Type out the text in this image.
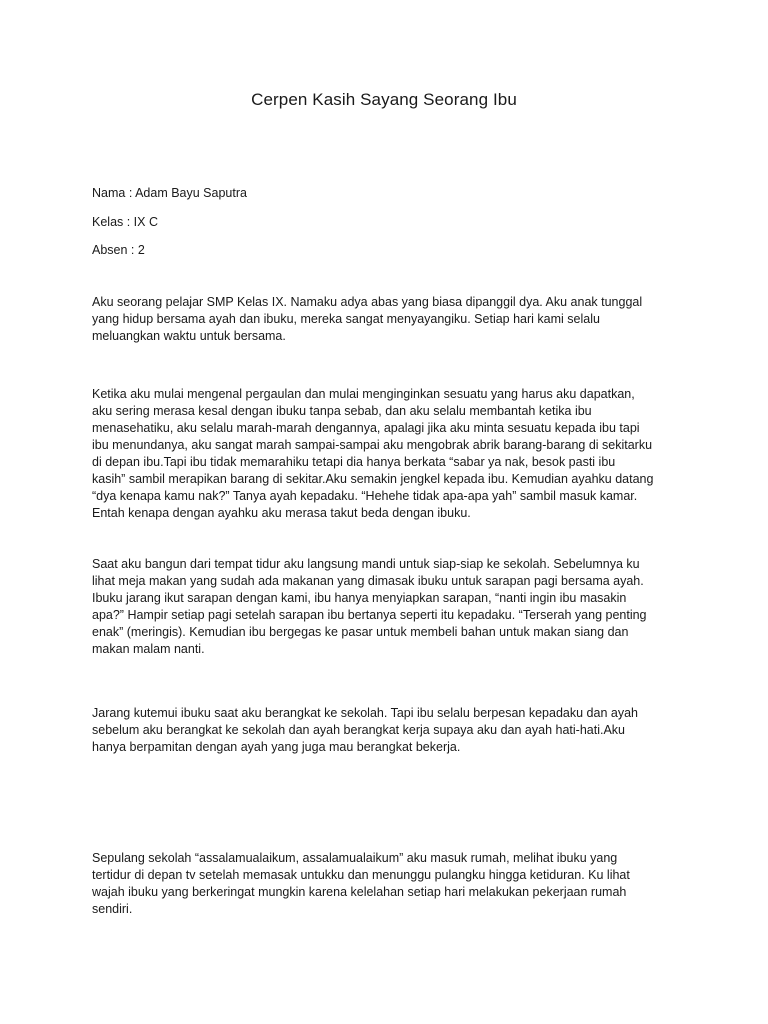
Cerpen Kasih Sayang Seorang Ibu

Nama : Adam Bayu Saputra

Kelas : IX C

Absen : 2

Aku seorang pelajar SMP Kelas IX. Namaku adya abas yang biasa dipanggil dya. Aku anak tunggal
yang hidup bersama ayah dan ibuku, mereka sangat menyayangiku. Setiap hari kami selalu
meluangkan waktu untuk bersama.
Ketika aku mulai mengenal pergaulan dan mulai menginginkan sesuatu yang harus aku dapatkan,
aku sering merasa kesal dengan ibuku tanpa sebab, dan aku selalu membantah ketika ibu
menasehatiku, aku selalu marah-marah dengannya, apalagi jika aku minta sesuatu kepada ibu tapi
ibu menundanya, aku sangat marah sampai-sampai aku mengobrak abrik barang-barang di sekitarku
di depan ibu.Tapi ibu tidak memarahiku tetapi dia hanya berkata “sabar ya nak, besok pasti ibu
kasih” sambil merapikan barang di sekitar.Aku semakin jengkel kepada ibu. Kemudian ayahku datang
“dya kenapa kamu nak?” Tanya ayah kepadaku. “Hehehe tidak apa-apa yah” sambil masuk kamar.
Entah kenapa dengan ayahku aku merasa takut beda dengan ibuku.
Saat aku bangun dari tempat tidur aku langsung mandi untuk siap-siap ke sekolah. Sebelumnya ku
lihat meja makan yang sudah ada makanan yang dimasak ibuku untuk sarapan pagi bersama ayah.
Ibuku jarang ikut sarapan dengan kami, ibu hanya menyiapkan sarapan, “nanti ingin ibu masakin
apa?” Hampir setiap pagi setelah sarapan ibu bertanya seperti itu kepadaku. “Terserah yang penting
enak” (meringis). Kemudian ibu bergegas ke pasar untuk membeli bahan untuk makan siang dan
makan malam nanti.
Jarang kutemui ibuku saat aku berangkat ke sekolah. Tapi ibu selalu berpesan kepadaku dan ayah
sebelum aku berangkat ke sekolah dan ayah berangkat kerja supaya aku dan ayah hati-hati.Aku
hanya berpamitan dengan ayah yang juga mau berangkat bekerja.
Sepulang sekolah “assalamualaikum, assalamualaikum” aku masuk rumah, melihat ibuku yang
tertidur di depan tv setelah memasak untukku dan menunggu pulangku hingga ketiduran. Ku lihat
wajah ibuku yang berkeringat mungkin karena kelelahan setiap hari melakukan pekerjaan rumah
sendiri.
